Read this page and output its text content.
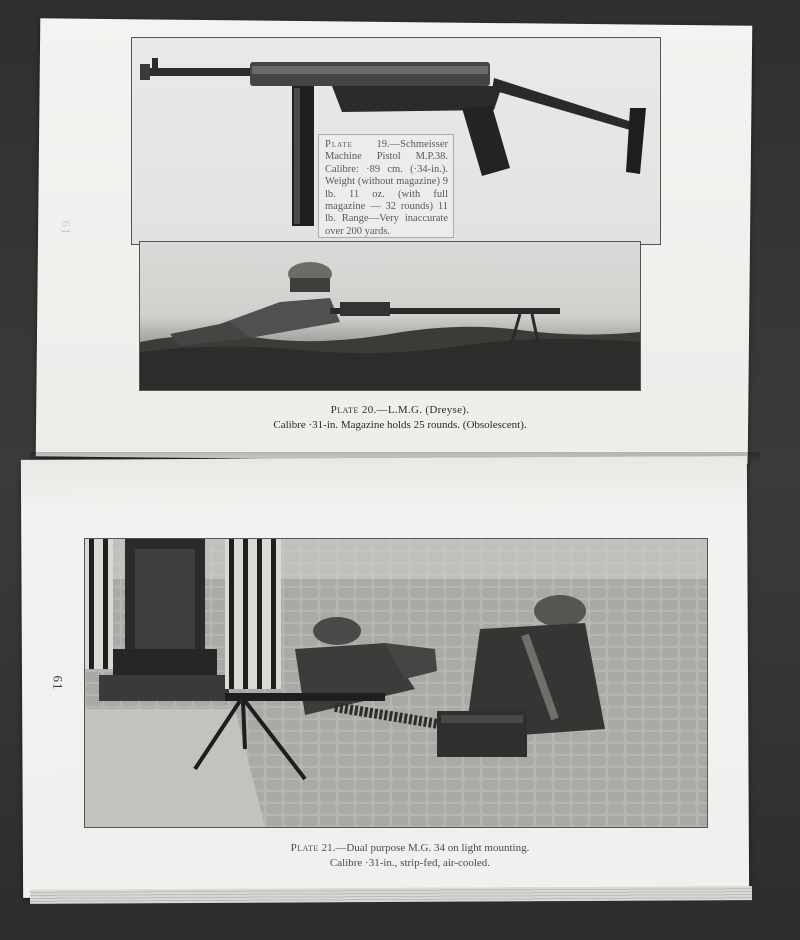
61
Plate 19.—Schmeisser Machine Pistol M.P.38. Calibre: ·89 cm. (·34-in.). Weight (without magazine) 9 lb. 11 oz. (with full magazine — 32 rounds) 11 lb. Range—Very inaccurate over 200 yards.
Plate 20.—L.M.G. (Dreyse).
Calibre ·31-in. Magazine holds 25 rounds. (Obsolescent).
61
Plate 21.—Dual purpose M.G. 34 on light mounting.
Calibre ·31-in., strip-fed, air-cooled.
